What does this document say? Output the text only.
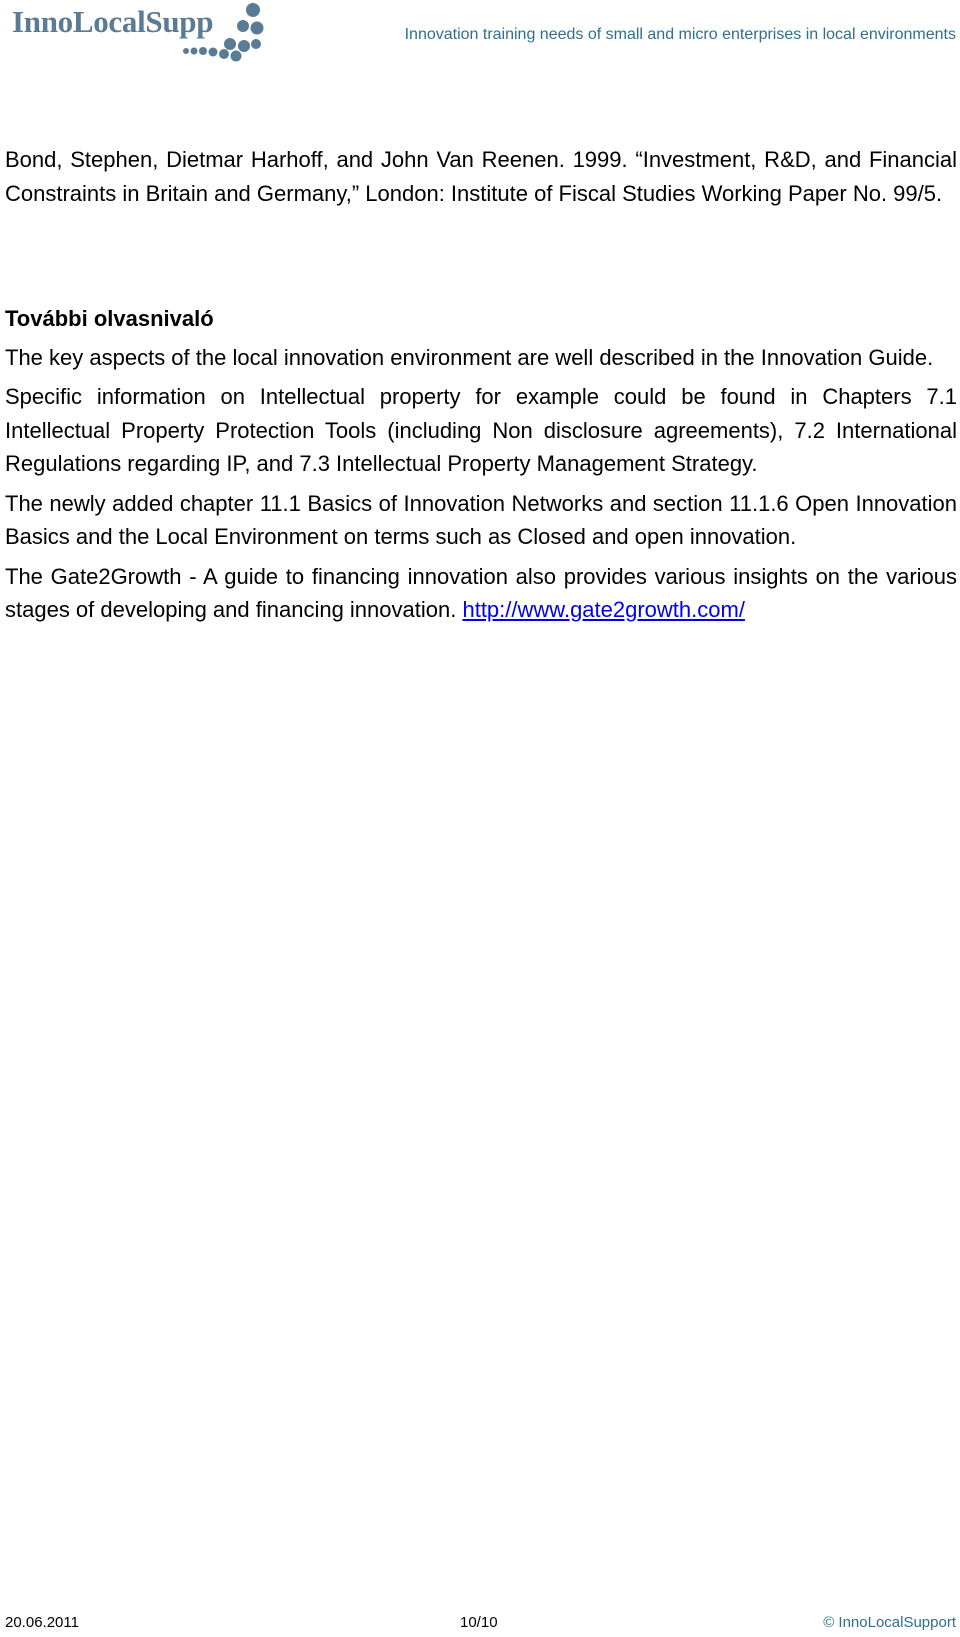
InnoLocalSupp	Innovation training needs of small and micro enterprises in local environments

Bond, Stephen, Dietmar Harhoff, and John Van Reenen. 1999. “Investment, R&D, and Financial Constraints in Britain and Germany,” London: Institute of Fiscal Studies Working Paper No. 99/5.

További olvasnivaló

The key aspects of the local innovation environment are well described in the Innovation Guide.

Specific information on Intellectual property for example could be found in Chapters 7.1 Intellectual Property Protection Tools (including Non disclosure agreements), 7.2 International Regulations regarding IP, and 7.3 Intellectual Property Management Strategy.

The newly added chapter 11.1 Basics of Innovation Networks and section 11.1.6 Open Innovation Basics and the Local Environment on terms such as Closed and open innovation.

The Gate2Growth - A guide to financing innovation also provides various insights on the various stages of developing and financing innovation. http://www.gate2growth.com/

20.06.2011	10/10	© InnoLocalSupport
